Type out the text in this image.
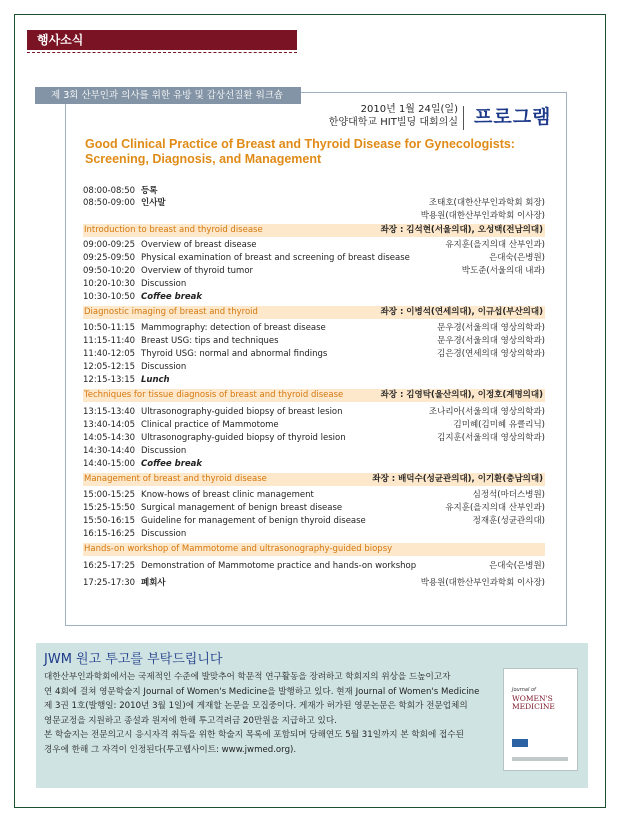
행사소식
제 3회 산부인과 의사를 위한 유방 및 갑상선질환 워크숍
2010년 1월 24일(일)
한양대학교 HIT빌딩 대회의실 프로그램
Good Clinical Practice of Breast and Thyroid Disease for Gynecologists: Screening, Diagnosis, and Management
08:00-08:50 등록
08:50-09:00 인사말	조태호(대한산부인과학회 회장)
박용원(대한산부인과학회 이사장)
Introduction to breast and thyroid disease	좌장 : 김석현(서울의대), 오성택(전남의대)
09:00-09:25 Overview of breast disease	유지훈(을지의대 산부인과)
09:25-09:50 Physical examination of breast and screening of breast disease	은대숙(은병원)
09:50-10:20 Overview of thyroid tumor	박도준(서울의대 내과)
10:20-10:30 Discussion
10:30-10:50 Coffee break
Diagnostic imaging of breast and thyroid	좌장 : 이병석(연세의대), 이규섭(부산의대)
10:50-11:15 Mammography: detection of breast disease	문우경(서울의대 영상의학과)
11:15-11:40 Breast USG: tips and techniques	문우경(서울의대 영상의학과)
11:40-12:05 Thyroid USG: normal and abnormal findings	김은경(연세의대 영상의학과)
12:05-12:15 Discussion
12:15-13:15 Lunch
Techniques for tissue diagnosis of breast and thyroid disease	좌장 : 김영탁(울산의대), 이정호(계명의대)
13:15-13:40 Ultrasonography-guided biopsy of breast lesion	조나리아(서울의대 영상의학과)
13:40-14:05 Clinical practice of Mammotome	김미혜(김미혜 유클리닉)
14:05-14:30 Ultrasonography-guided biopsy of thyroid lesion	김지훈(서울의대 영상의학과)
14:30-14:40 Discussion
14:40-15:00 Coffee break
Management of breast and thyroid disease	좌장 : 배덕수(성균관의대), 이기환(충남의대)
15:00-15:25 Know-hows of breast clinic management	심정석(마더스병원)
15:25-15:50 Surgical management of benign breast disease	유지훈(을지의대 산부인과)
15:50-16:15 Guideline for management of benign thyroid disease	정재훈(성균관의대)
16:15-16:25 Discussion
Hands-on workshop of Mammotome and ultrasonography-guided biopsy
16:25-17:25 Demonstration of Mammotome practice and hands-on workshop	은대숙(은병원)
17:25-17:30 폐회사	박용원(대한산부인과학회 이사장)
JWM 원고 투고를 부탁드립니다
대한산부인과학회에서는 국제적인 수준에 발맞추어 학문적 연구활동을 장려하고 학회지의 위상을 드높이고자
연 4회에 걸쳐 영문학술지 Journal of Women's Medicine을 발행하고 있다. 현재 Journal of Women's Medicine
제 3권 1호(발행일: 2010년 3월 1일)에 게재할 논문을 모집중이다. 게재가 허가된 영문논문은 학회가 전문업체의
영문교정을 지원하고 종설과 원저에 한해 투고격려금 20만원을 지급하고 있다.
본 학술지는 전문의고시 응시자격 취득을 위한 학술지 목록에 포함되며 당해연도 5월 31일까지 본 학회에 접수된
경우에 한해 그 자격이 인정된다(투고웹사이트: www.jwmed.org).
Journal of
WOMEN'S
MEDICINE
